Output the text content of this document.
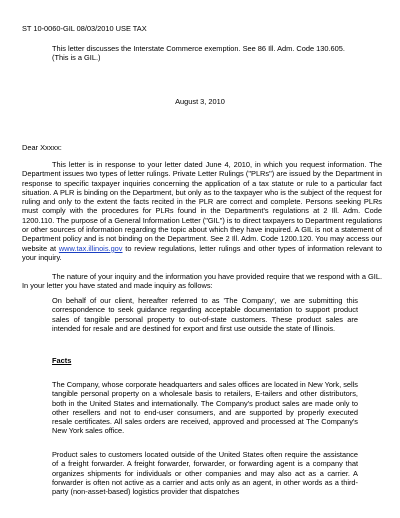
ST 10-0060-GIL 08/03/2010 USE TAX

This letter discusses the Interstate Commerce exemption. See 86 Ill. Adm. Code 130.605.

(This is a GIL.)

August 3, 2010

Dear Xxxxx:

This letter is in response to your letter dated June 4, 2010, in which you request information. The Department issues two types of letter rulings. Private Letter Rulings ("PLRs") are issued by the Department in response to specific taxpayer inquiries concerning the application of a tax statute or rule to a particular fact situation. A PLR is binding on the Department, but only as to the taxpayer who is the subject of the request for ruling and only to the extent the facts recited in the PLR are correct and complete. Persons seeking PLRs must comply with the procedures for PLRs found in the Department's regulations at 2 Ill. Adm. Code 1200.110. The purpose of a General Information Letter ("GIL") is to direct taxpayers to Department regulations or other sources of information regarding the topic about which they have inquired. A GIL is not a statement of Department policy and is not binding on the Department. See 2 Ill. Adm. Code 1200.120. You may access our website at www.tax.illinois.gov to review regulations, letter rulings and other types of information relevant to your inquiry.

The nature of your inquiry and the information you have provided require that we respond with a GIL. In your letter you have stated and made inquiry as follows:

On behalf of our client, hereafter referred to as 'The Company', we are submitting this correspondence to seek guidance regarding acceptable documentation to support product sales of tangible personal property to out-of-state customers. These product sales are intended for resale and are destined for export and first use outside the state of Illinois.

Facts

The Company, whose corporate headquarters and sales offices are located in New York, sells tangible personal property on a wholesale basis to retailers, E-tailers and other distributors, both in the United States and internationally. The Company's product sales are made only to other resellers and not to end-user consumers, and are supported by properly executed resale certificates. All sales orders are received, approved and processed at The Company's New York sales office.

Product sales to customers located outside of the United States often require the assistance of a freight forwarder. A freight forwarder, forwarder, or forwarding agent is a company that organizes shipments for individuals or other companies and may also act as a carrier. A forwarder is often not active as a carrier and acts only as an agent, in other words as a third-party (non-asset-based) logistics provider that dispatches
